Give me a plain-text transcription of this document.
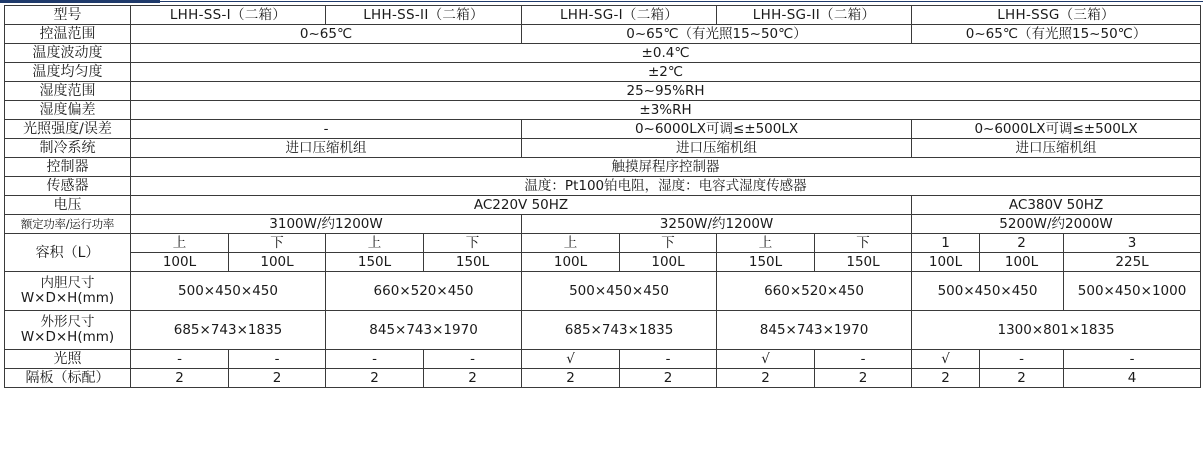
型号	LHH-SS-I（二箱）		LHH-SS-II（二箱）		LHH-SG-I（二箱）		LHH-SG-II（二箱）		LHH-SSG（三箱）		
控温范围	0~65℃				0~65℃（有光照15~50℃）				0~65℃（有光照15~50℃）		
温度波动度	±0.4℃										
温度均匀度	±2℃										
湿度范围	25~95%RH										
湿度偏差	±3%RH										
光照强度/误差	-				0~6000LX可调≤±500LX				0~6000LX可调≤±500LX		
制冷系统	进口压缩机组				进口压缩机组				进口压缩机组		
控制器	触摸屏程序控制器										
传感器	温度：Pt100铂电阻，湿度：电容式湿度传感器										
电压	AC220V 50HZ								AC380V 50HZ		
额定功率/运行功率	3100W/约1200W				3250W/约1200W				5200W/约2000W		
容积（L）	上	下	上	下	上	下	上	下	1	2	3
	100L	100L	150L	150L	100L	100L	150L	150L	100L	100L	225L

内胆尺寸
W×D×H(mm)	500×450×450		660×520×450		500×450×450		660×520×450		500×450×450		500×450×1000

外形尺寸
W×D×H(mm)	685×743×1835		845×743×1970		685×743×1835		845×743×1970		1300×801×1835		
光照	-	-	-	-	√	-	√	-	√	-	-
隔板（标配）	2	2	2	2	2	2	2	2	2	2	4
